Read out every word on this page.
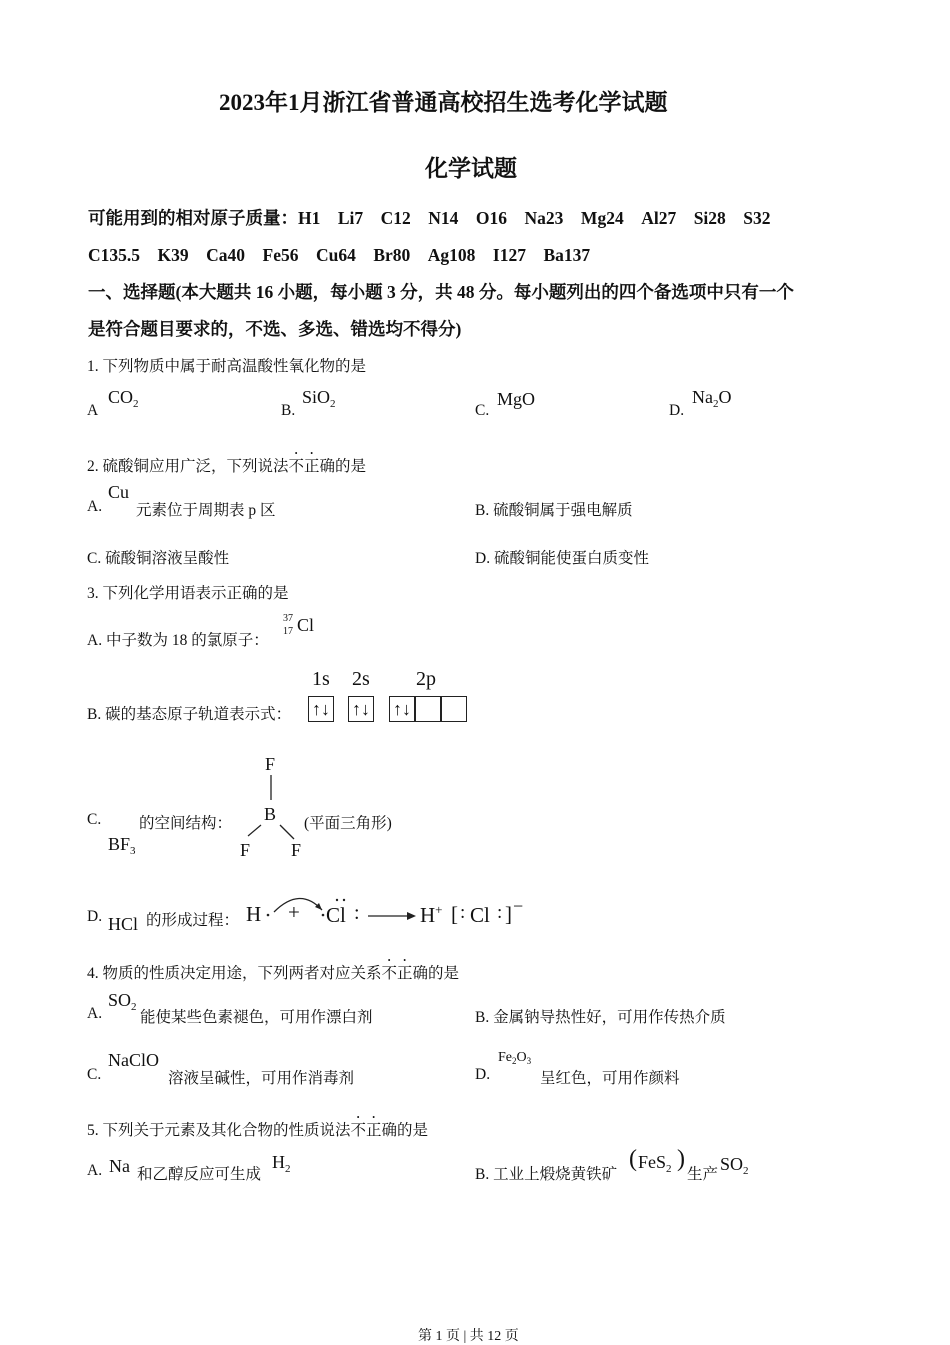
2023年1月浙江省普通高校招生选考化学试题
化学试题
可能用到的相对原子质量：H1　Li7　C12　N14　O16　Na23　Mg24　Al27　Si28　S32
C135.5　K39　Ca40　Fe56　Cu64　Br80　Ag108　I127　Ba137
一、选择题(本大题共 16 小题，每小题 3 分，共 48 分。每小题列出的四个备选项中只有一个
是符合题目要求的，不选、多选、错选均不得分)
1. 下列物质中属于耐高温酸性氧化物的是
A
$CO_2$	B.
SiO$_2$	C.
MgO
D.
$Na_2O$
2. 硫酸铜应用广泛，下列说法不正确的是
A.
Cu
元素位于周期表 p 区	B. 硫酸铜属于强电解质
C. 硫酸铜溶液呈酸性	D. 硫酸铜能使蛋白质变性
3. 下列化学用语表示正确的是
A. 中子数为 18 的氯原子：
37
17 Cl
B. 碳的基态原子轨道表示式：
1s 2s 2p
↑↓ ↑↓ ↑↓
C.
$BF_3$
的空间结构：
F
B
F F
(平面三角形)
D. HCl 的形成过程： H + Cl :	H+ [ : Cl : ] −
4. 物质的性质决定用途，下列两者对应关系不正确的是
A.
$SO_2$
能使某些色素褪色，可用作漂白剂	B. 金属钠导热性好，可用作传热介质
C.
NaClO
溶液呈碱性，可用作消毒剂	D.
$Fe_2O_3$
呈红色，可用作颜料
5. 下列关于元素及其化合物的性质说法不正确的是
A. Na 和乙醇反应可生成
$H_2$	B. 工业上煅烧黄铁矿
( FeS$_2$ )
生产
$SO_2$
第 1 页 | 共 12 页
